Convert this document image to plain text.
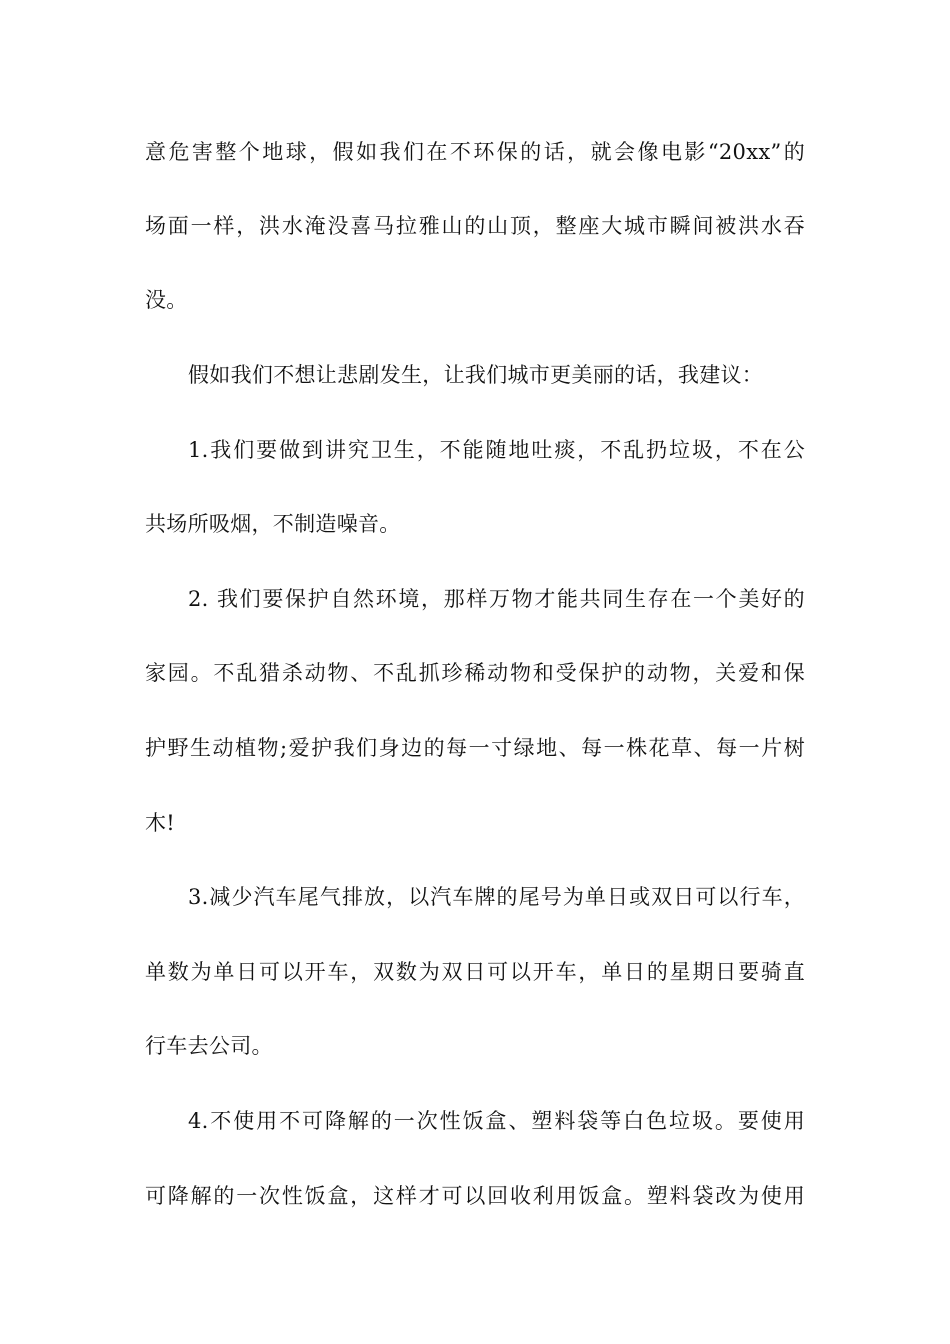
意危害整个地球，假如我们在不环保的话，就会像电影“20xx”的
场面一样，洪水淹没喜马拉雅山的山顶，整座大城市瞬间被洪水吞
没。
假如我们不想让悲剧发生，让我们城市更美丽的话，我建议：
1.我们要做到讲究卫生，不能随地吐痰，不乱扔垃圾，不在公
共场所吸烟，不制造噪音。
2. 我们要保护自然环境，那样万物才能共同生存在一个美好的
家园。不乱猎杀动物、不乱抓珍稀动物和受保护的动物，关爱和保
护野生动植物;爱护我们身边的每一寸绿地、每一株花草、每一片树
木!
3.减少汽车尾气排放，以汽车牌的尾号为单日或双日可以行车，
单数为单日可以开车，双数为双日可以开车，单日的星期日要骑直
行车去公司。
4.不使用不可降解的一次性饭盒、塑料袋等白色垃圾。要使用
可降解的一次性饭盒，这样才可以回收利用饭盒。塑料袋改为使用
